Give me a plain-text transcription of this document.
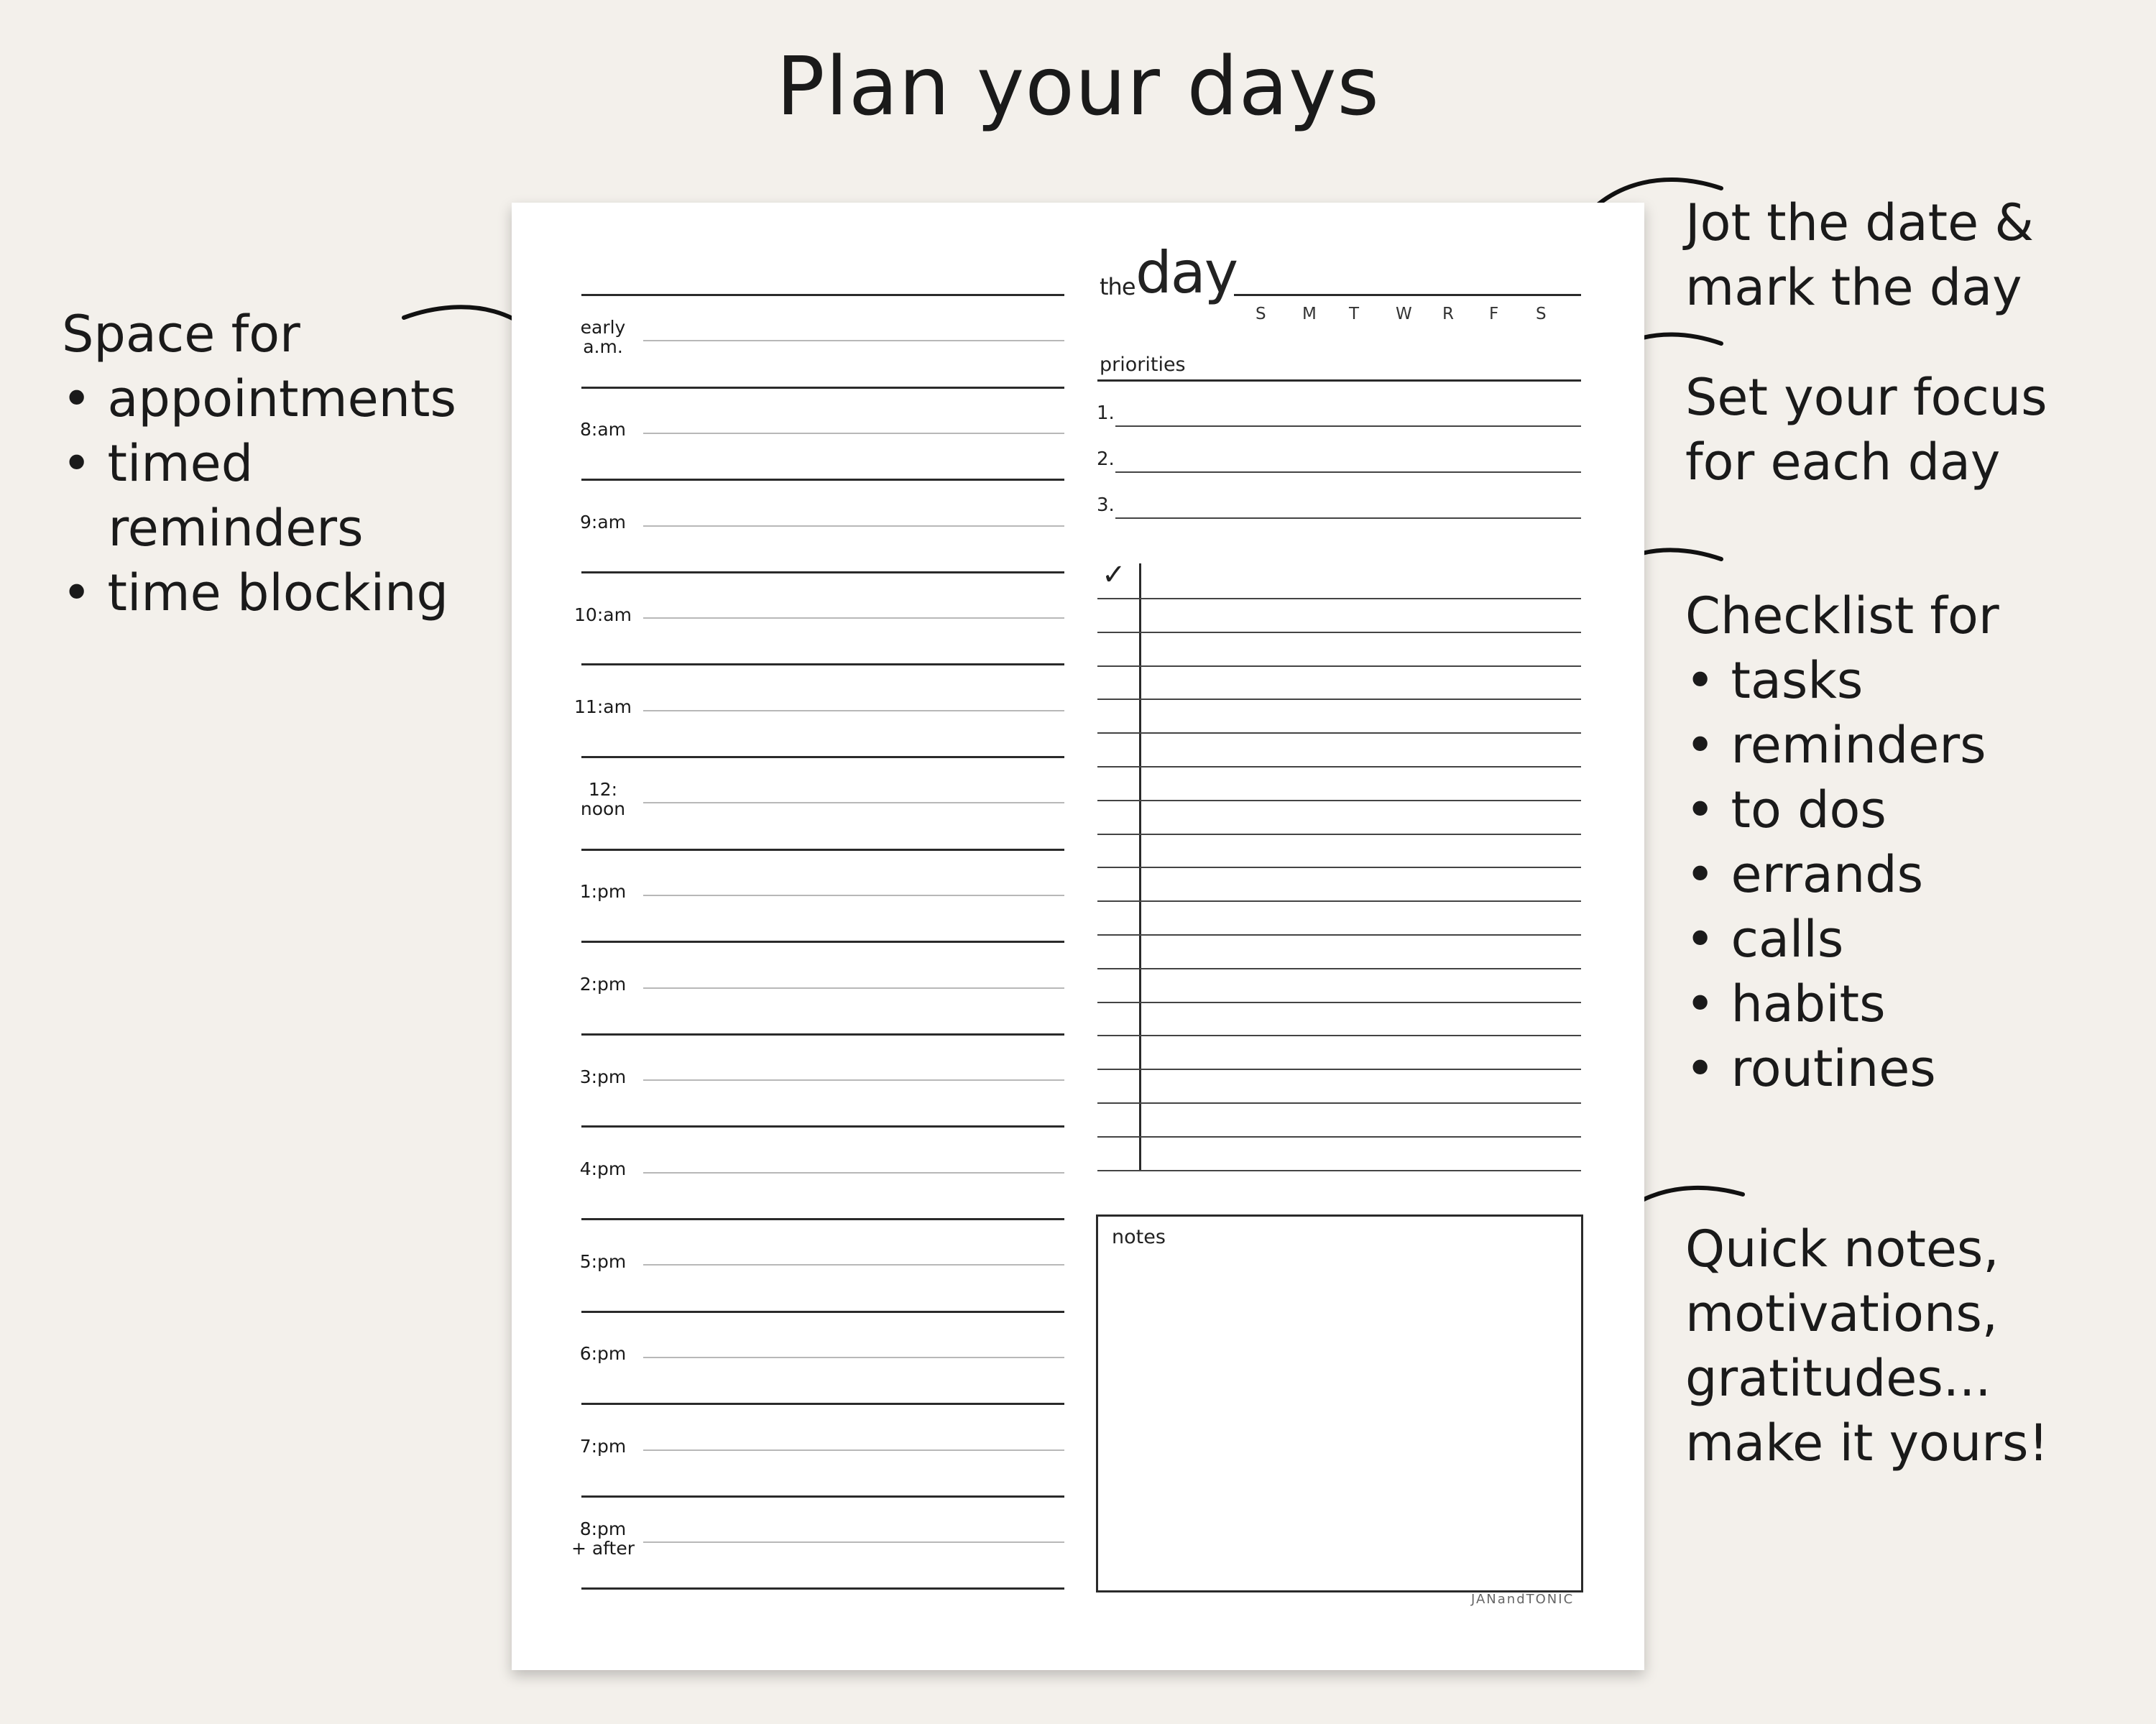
Plan your days
Space for
• appointments
• timed
reminders
• time blocking
Jot the date &
mark the day
Set your focus
for each day
Checklist for
• tasks
• reminders
• to dos
• errands
• calls
• habits
• routines
Quick notes,
motivations,
gratitudes...
make it yours!
early
a.m.
8:am
9:am
10:am
11:am
12:
noon
1:pm
2:pm
3:pm
4:pm
5:pm
6:pm
7:pm
8:pm
+ after
the day
S M T W R F S
priorities
1.
2.
3.
✓
notes
JANandTONIC
